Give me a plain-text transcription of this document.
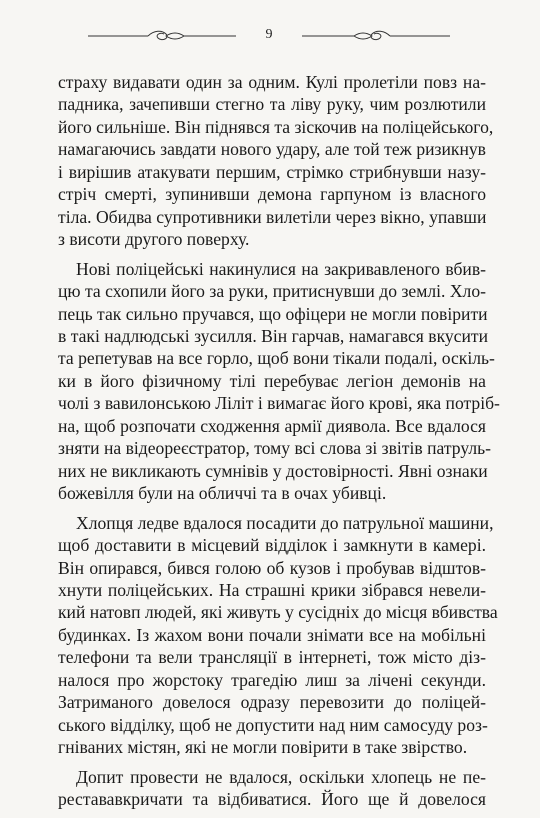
9
страху видавати один за одним. Кулі пролетіли повз на-
падника, зачепивши стегно та ліву руку, чим розлютили
його сильніше. Він піднявся та зіскочив на поліцейського,
намагаючись завдати нового удару, але той теж ризикнув
і вирішив атакувати першим, стрімко стрибнувши назу-
стріч смерті, зупинивши демона гарпуном із власного
тіла. Обидва супротивники вилетіли через вікно, упавши
з висоти другого поверху.
Нові поліцейські накинулися на закривавленого вбив-
цю та схопили його за руки, притиснувши до землі. Хло-
пець так сильно пручався, що офіцери не могли повірити
в такі надлюдські зусилля. Він гарчав, намагався вкусити
та репетував на все горло, щоб вони тікали подалі, оскіль-
ки в його фізичному тілі перебуває легіон демонів на
чолі з вавилонською Ліліт і вимагає його крові, яка потріб-
на, щоб розпочати сходження армії диявола. Все вдалося
зняти на відеореєстратор, тому всі слова зі звітів патруль-
них не викликають сумнівів у достовірності. Явні ознаки
божевілля були на обличчі та в очах убивці.
Хлопця ледве вдалося посадити до патрульної машини,
щоб доставити в місцевий відділок і замкнути в камері.
Він опирався, бився голою об кузов і пробував відштов-
хнути поліцейських. На страшні крики зібрався невели-
кий натовп людей, які живуть у сусідніх до місця вбивства
будинках. Із жахом вони почали знімати все на мобільні
телефони та вели трансляції в інтернеті, тож місто діз-
налося про жорстоку трагедію лиш за лічені секунди.
Затриманого довелося одразу перевозити до поліцей-
ського відділку, щоб не допустити над ним самосуду роз-
гніваних містян, які не могли повірити в таке звірство.
Допит провести не вдалося, оскільки хлопець не пе-
рестававкричати та відбиватися. Його ще й довелося
